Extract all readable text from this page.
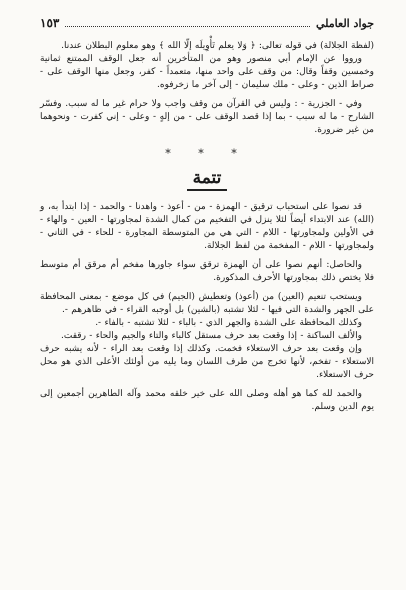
جواد العاملي
١٥٣

(لفظة الجلالة) في قوله تعالى: ﴿ وَلا يعلم تَأْوِيلَه إلّا الله ﴾ وهو معلوم البطلان عندنا.

ورووا عن الإمام أبي منصور وهو من المتأخرين أنه جعل الوقف الممتنع ثمانية وخمسين وقفاً وقال: من وقف على واحد منها، متعمداً - كفر، وجعل منها الوقف على - صراط الذين - وعلى - ملك سليمان - إلى آخر ما زخرفوه.

وفي - الجزرية - : وليس في القرآن من وقف واجب ولا حرام غير ما له سبب. وفسّر الشارح - ما له سبب - بما إذا قصد الوقف على - من إلهٍ - وعلى - إني كفرت - ونحوهما من غير ضرورة.

* * *
تتمة

قد نصوا على استحباب ترقيق - الهمزة - من - أعوذ - واهدنا - والحمد - إذا ابتدأ به، و (الله) عند الابتداء أيضاً لئلا ينزل في التفخيم من كمال الشدة لمجاورتها - العين - والهاء - في الأولين ولمجاورتها - اللام - التي هي من المتوسطة المجاورة - للحاء - في الثاني - ولمجاورتها - اللام - المفخمة من لفظ الجلالة.

والحاصل: أنهم نصوا على أن الهمزة ترقق سواء جاورها مفخم أم مرقق أم متوسط فلا يختص ذلك بمجاورتها الأحرف المذكورة.

ويستحب تنعيم (العين) من (أعوذ) وتعطيش (الجيم) في كل موضع - بمعنى المحافظة على الجهر والشدة التي فيها - لئلا تشتبه (بالشين) بل أوجبه القراء - في ظاهرهم -.

وكذلك المحافظة على الشدة والجهر الذي - بالباء - لئلا تشتبه - بالفاء -.

والألف الساكنة - إذا وقعت بعد حرف مستقل كالباء والتاء والجيم والحاء - رققت.

وإن وقعت بعد حرف الاستعلاء فخمت. وكذلك إذا وقعت بعد الراء - لأنه يشبه حرف الاستعلاء - تفخم، لأنها تخرج من طرف اللسان وما يليه من أولئك الأعلى الذي هو محل حرف الاستعلاء.

والحمد لله كما هو أهله وصلى الله على خير خلقه محمد وآله الطاهرين أجمعين إلى يوم الدين وسلم.
